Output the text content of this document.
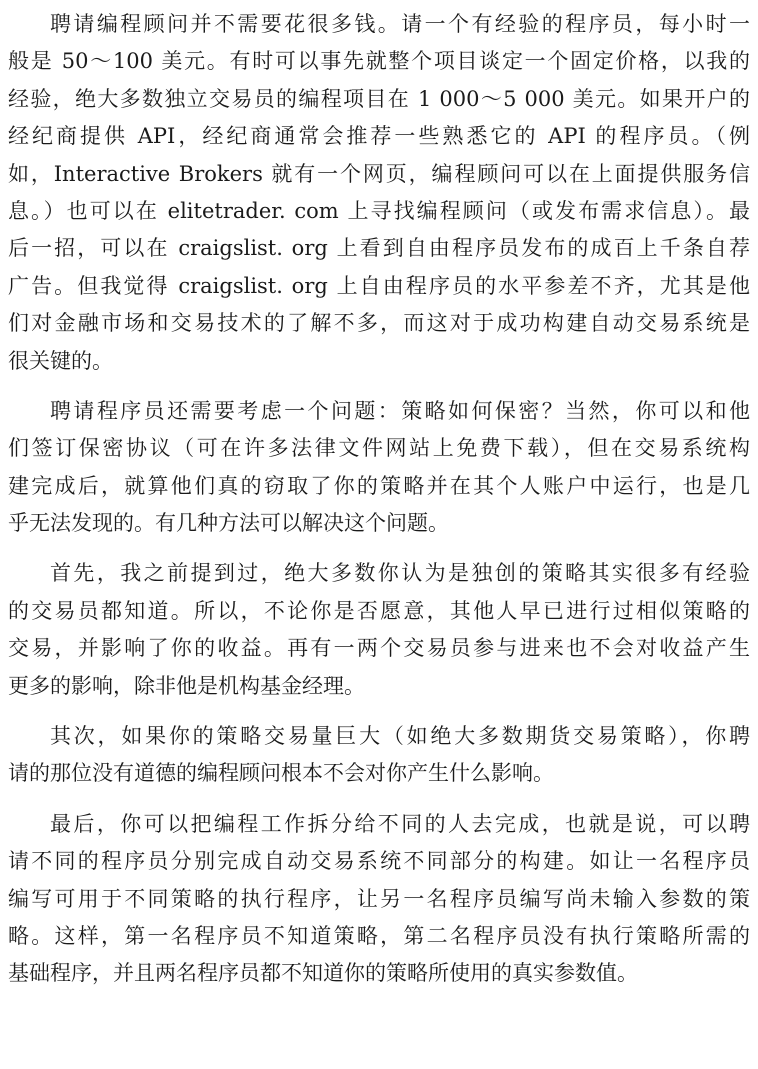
聘请编程顾问并不需要花很多钱。请一个有经验的程序员，每小时一
般是 50～100 美元。有时可以事先就整个项目谈定一个固定价格，以我的
经验，绝大多数独立交易员的编程项目在 1 000～5 000 美元。如果开户的
经纪商提供 API，经纪商通常会推荐一些熟悉它的 API 的程序员。（例
如，Interactive Brokers 就有一个网页，编程顾问可以在上面提供服务信
息。）也可以在 elitetrader. com 上寻找编程顾问（或发布需求信息）。最
后一招，可以在 craigslist. org 上看到自由程序员发布的成百上千条自荐
广告。但我觉得 craigslist. org 上自由程序员的水平参差不齐，尤其是他
们对金融市场和交易技术的了解不多，而这对于成功构建自动交易系统是
很关键的。
聘请程序员还需要考虑一个问题：策略如何保密？当然，你可以和他
们签订保密协议（可在许多法律文件网站上免费下载），但在交易系统构
建完成后，就算他们真的窃取了你的策略并在其个人账户中运行，也是几
乎无法发现的。有几种方法可以解决这个问题。
首先，我之前提到过，绝大多数你认为是独创的策略其实很多有经验
的交易员都知道。所以，不论你是否愿意，其他人早已进行过相似策略的
交易，并影响了你的收益。再有一两个交易员参与进来也不会对收益产生
更多的影响，除非他是机构基金经理。
其次，如果你的策略交易量巨大（如绝大多数期货交易策略），你聘
请的那位没有道德的编程顾问根本不会对你产生什么影响。
最后，你可以把编程工作拆分给不同的人去完成，也就是说，可以聘
请不同的程序员分别完成自动交易系统不同部分的构建。如让一名程序员
编写可用于不同策略的执行程序，让另一名程序员编写尚未输入参数的策
略。这样，第一名程序员不知道策略，第二名程序员没有执行策略所需的
基础程序，并且两名程序员都不知道你的策略所使用的真实参数值。
